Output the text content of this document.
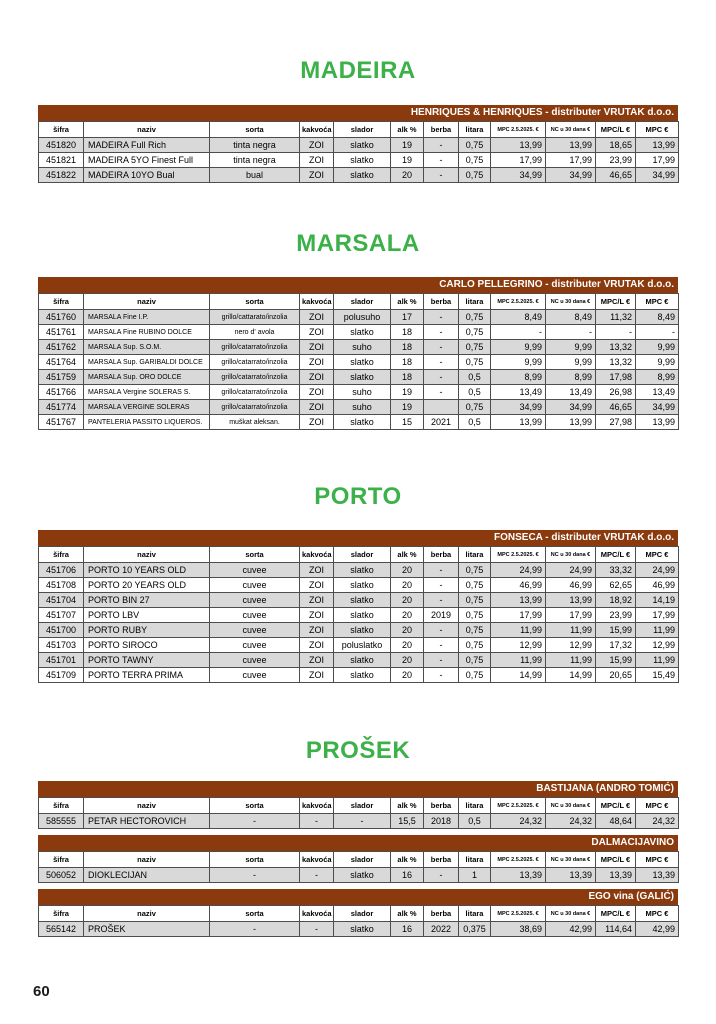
MADEIRA
HENRIQUES & HENRIQUES - distributer VRUTAK d.o.o.
šifra	naziv	sorta	kakvoća	slador	alk %	berba	litara	MPC 2.5.2025. €	NC u 30 dana €	MPC/L €	MPC €
451820	MADEIRA Full Rich	tinta negra	ZOI	slatko	19	-	0,75	13,99	13,99	18,65	13,99
451821	MADEIRA 5YO Finest Full	tinta negra	ZOI	slatko	19	-	0,75	17,99	17,99	23,99	17,99
451822	MADEIRA 10YO Bual	bual	ZOI	slatko	20	-	0,75	34,99	34,99	46,65	34,99
MARSALA
CARLO PELLEGRINO - distributer VRUTAK d.o.o.
šifra	naziv	sorta	kakvoća	slador	alk %	berba	litara	MPC 2.5.2025. €	NC u 30 dana €	MPC/L €	MPC €
451760	MARSALA Fine I.P.	grillo/cattarato/inzolia	ZOI	polusuho	17	-	0,75	8,49	8,49	11,32	8,49
451761	MARSALA Fine RUBINO DOLCE	nero d' avola	ZOI	slatko	18	-	0,75	-	-	-	-
451762	MARSALA Sup. S.O.M.	grillo/catarrato/inzolia	ZOI	suho	18	-	0,75	9,99	9,99	13,32	9,99
451764	MARSALA Sup. GARIBALDI DOLCE	grillo/catarrato/inzolia	ZOI	slatko	18	-	0,75	9,99	9,99	13,32	9,99
451759	MARSALA Sup. ORO DOLCE	grillo/catarrato/inzolia	ZOI	slatko	18	-	0,5	8,99	8,99	17,98	8,99
451766	MARSALA Vergine SOLERAS S.	grillo/catarrato/inzolia	ZOI	suho	19	-	0,5	13,49	13,49	26,98	13,49
451774	MARSALA VERGINE SOLERAS	grillo/catarrato/inzolia	ZOI	suho	19		0,75	34,99	34,99	46,65	34,99
451767	PANTELERIA PASSITO LIQUEROS.	muškat aleksan.	ZOI	slatko	15	2021	0,5	13,99	13,99	27,98	13,99
PORTO
FONSECA - distributer VRUTAK d.o.o.
šifra	naziv	sorta	kakvoća	slador	alk %	berba	litara	MPC 2.5.2025. €	NC u 30 dana €	MPC/L €	MPC €
451706	PORTO 10 YEARS OLD	cuvee	ZOI	slatko	20	-	0,75	24,99	24,99	33,32	24,99
451708	PORTO 20 YEARS OLD	cuvee	ZOI	slatko	20	-	0,75	46,99	46,99	62,65	46,99
451704	PORTO BIN 27	cuvee	ZOI	slatko	20	-	0,75	13,99	13,99	18,92	14,19
451707	PORTO LBV	cuvee	ZOI	slatko	20	2019	0,75	17,99	17,99	23,99	17,99
451700	PORTO RUBY	cuvee	ZOI	slatko	20	-	0,75	11,99	11,99	15,99	11,99
451703	PORTO SIROCO	cuvee	ZOI	poluslatko	20	-	0,75	12,99	12,99	17,32	12,99
451701	PORTO TAWNY	cuvee	ZOI	slatko	20	-	0,75	11,99	11,99	15,99	11,99
451709	PORTO TERRA PRIMA	cuvee	ZOI	slatko	20	-	0,75	14,99	14,99	20,65	15,49
PROŠEK
BASTIJANA (ANDRO TOMIĆ)
šifra	naziv	sorta	kakvoća	slador	alk %	berba	litara	MPC 2.5.2025. €	NC u 30 dana €	MPC/L €	MPC €
585555	PETAR HECTOROVICH	-	-	-	15,5	2018	0,5	24,32	24,32	48,64	24,32
DALMACIJAVINO
šifra	naziv	sorta	kakvoća	slador	alk %	berba	litara	MPC 2.5.2025. €	NC u 30 dana €	MPC/L €	MPC €
506052	DIOKLECIJAN	-	-	slatko	16	-	1	13,39	13,39	13,39	13,39
EGO vina (GALIĆ)
šifra	naziv	sorta	kakvoća	slador	alk %	berba	litara	MPC 2.5.2025. €	NC u 30 dana €	MPC/L €	MPC €
565142	PROŠEK	-	-	slatko	16	2022	0,375	38,69	42,99	114,64	42,99
60
